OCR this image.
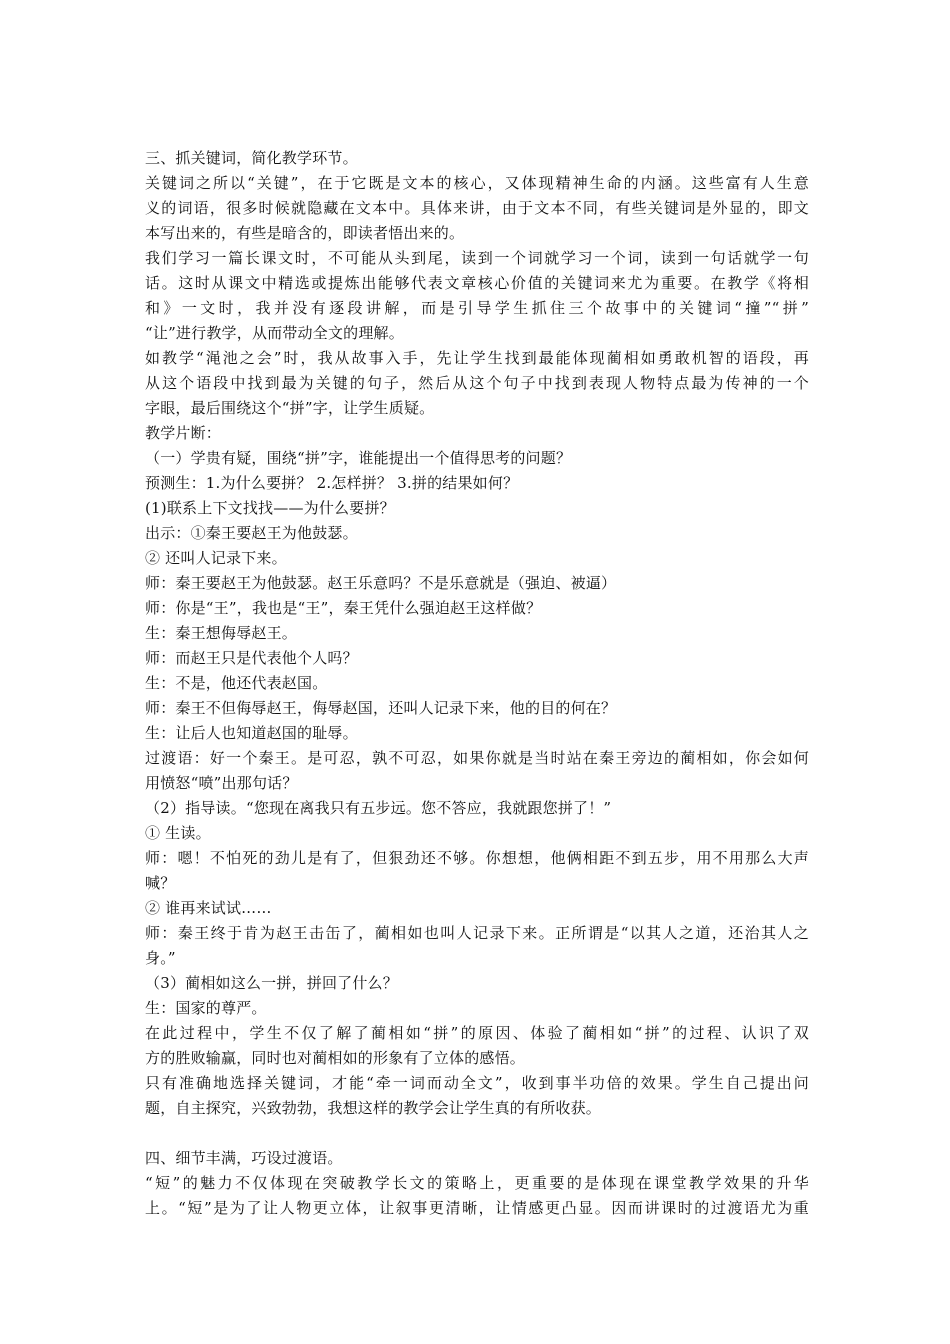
三、抓关键词，简化教学环节。
关键词之所以“关键”，在于它既是文本的核心，又体现精神生命的内涵。这些富有人生意
义的词语，很多时候就隐藏在文本中。具体来讲，由于文本不同，有些关键词是外显的，即文
本写出来的，有些是暗含的，即读者悟出来的。
我们学习一篇长课文时，不可能从头到尾，读到一个词就学习一个词，读到一句话就学一句
话。这时从课文中精选或提炼出能够代表文章核心价值的关键词来尤为重要。在教学《将相
和》一文时，我并没有逐段讲解，而是引导学生抓住三个故事中的关键词“撞”“拼”
“让”进行教学，从而带动全文的理解。
如教学“渑池之会”时，我从故事入手，先让学生找到最能体现蔺相如勇敢机智的语段，再
从这个语段中找到最为关键的句子，然后从这个句子中找到表现人物特点最为传神的一个
字眼，最后围绕这个“拼”字，让学生质疑。
教学片断：
（一）学贵有疑，围绕“拼”字，谁能提出一个值得思考的问题？
预测生：1.为什么要拼？ 2.怎样拼？ 3.拼的结果如何？
(1)联系上下文找找——为什么要拼？
出示：①秦王要赵王为他鼓瑟。
② 还叫人记录下来。
师：秦王要赵王为他鼓瑟。赵王乐意吗？不是乐意就是（强迫、被逼）
师：你是“王”，我也是“王”，秦王凭什么强迫赵王这样做？
生：秦王想侮辱赵王。
师：而赵王只是代表他个人吗？
生：不是，他还代表赵国。
师：秦王不但侮辱赵王，侮辱赵国，还叫人记录下来，他的目的何在？
生：让后人也知道赵国的耻辱。
过渡语：好一个秦王。是可忍，孰不可忍，如果你就是当时站在秦王旁边的蔺相如，你会如何
用愤怒“喷”出那句话？
（2）指导读。“您现在离我只有五步远。您不答应，我就跟您拼了！”
① 生读。
师：嗯！不怕死的劲儿是有了，但狠劲还不够。你想想，他俩相距不到五步，用不用那么大声
喊？
② 谁再来试试……
师：秦王终于肯为赵王击缶了，蔺相如也叫人记录下来。正所谓是“以其人之道，还治其人之
身。”
（3）蔺相如这么一拼，拼回了什么？
生：国家的尊严。
在此过程中，学生不仅了解了蔺相如“拼”的原因、体验了蔺相如“拼”的过程、认识了双
方的胜败输赢，同时也对蔺相如的形象有了立体的感悟。
只有准确地选择关键词，才能“牵一词而动全文”，收到事半功倍的效果。学生自己提出问
题，自主探究，兴致勃勃，我想这样的教学会让学生真的有所收获。
四、细节丰满，巧设过渡语。
“短”的魅力不仅体现在突破教学长文的策略上，更重要的是体现在课堂教学效果的升华
上。“短”是为了让人物更立体，让叙事更清晰，让情感更凸显。因而讲课时的过渡语尤为重
